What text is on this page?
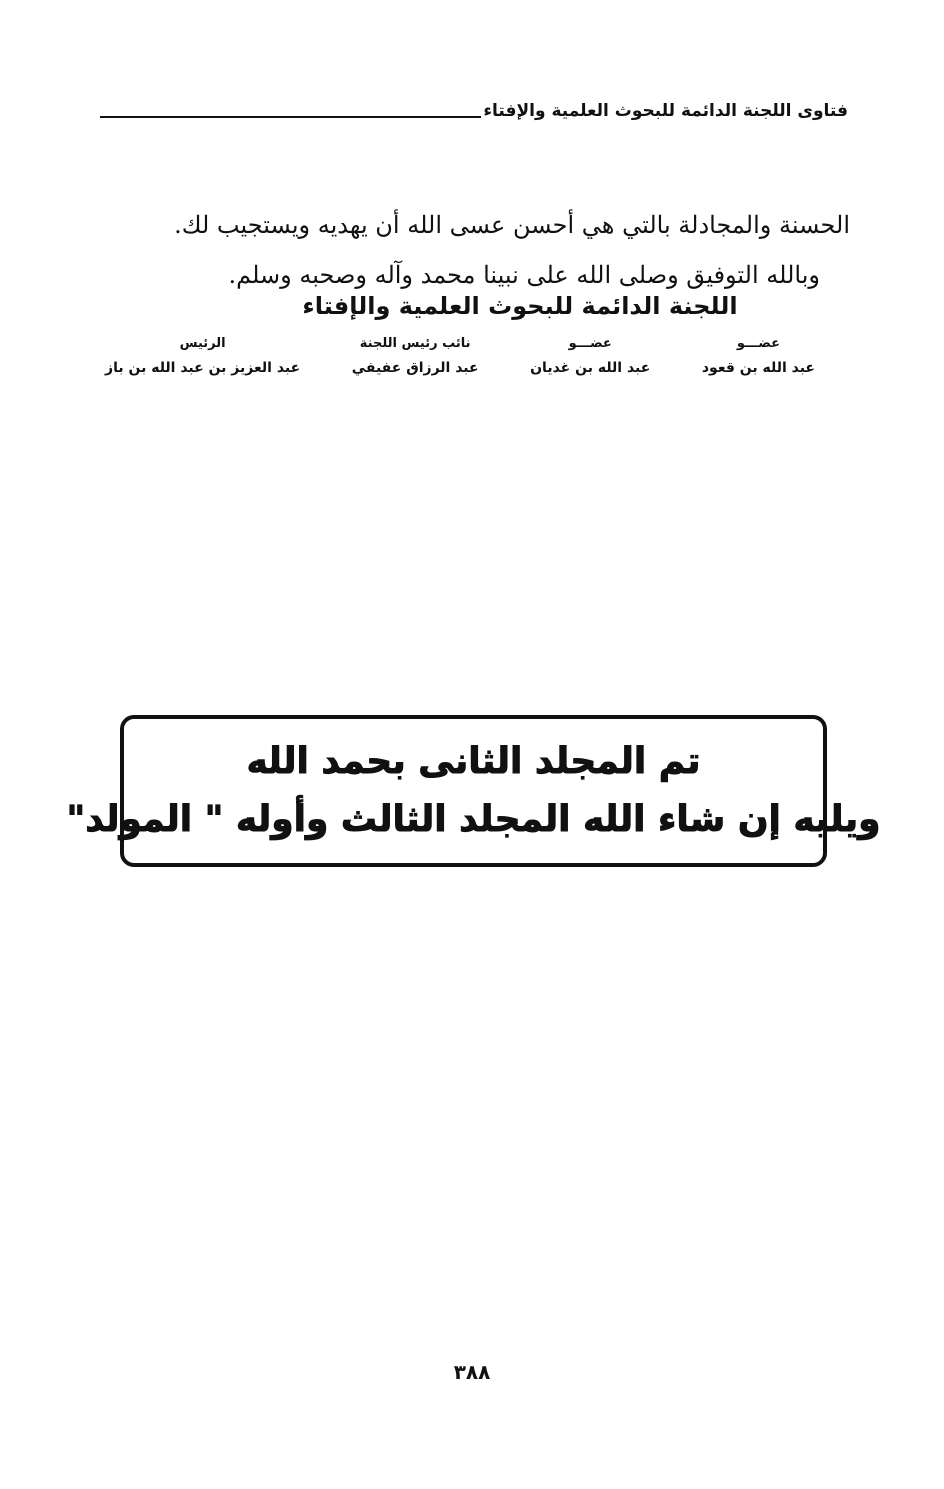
فتاوى اللجنة الدائمة للبحوث العلمية والإفتاء
الحسنة والمجادلة بالتي هي أحسن عسى الله أن يهديه ويستجيب لك.
وبالله التوفيق وصلى الله على نبينا محمد وآله وصحبه وسلم.
اللجنة الدائمة للبحوث العلمية والإفتاء
عضـــو
عبد الله بن قعود
عضـــو
عبد الله بن غديان
نائب رئيس اللجنة
عبد الرزاق عفيفي
الرئيس
عبد العزيز بن عبد الله بن باز
تم المجلد الثانى بحمد الله
ويليه إن شاء الله المجلد الثالث وأوله " المولد"
٣٨٨
